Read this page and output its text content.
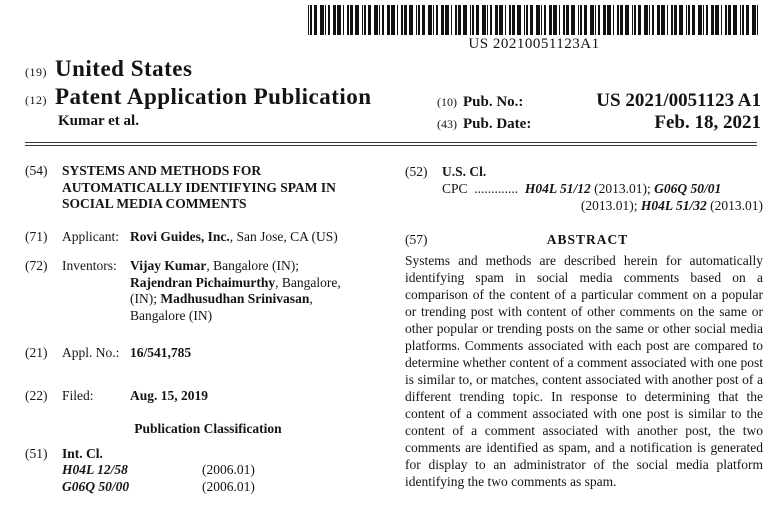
US 20210051123A1
(19) United States
(12) Patent Application Publication
Kumar et al.
(10) Pub. No.:	US 2021/0051123 A1
(43) Pub. Date:	Feb. 18, 2021
(54)	SYSTEMS AND METHODS FOR AUTOMATICALLY IDENTIFYING SPAM IN SOCIAL MEDIA COMMENTS
(71)	Applicant: Rovi Guides, Inc., San Jose, CA (US)
(72)	Inventors: Vijay Kumar, Bangalore (IN);
Rajendran Pichaimurthy, Bangalore,
(IN); Madhusudhan Srinivasan,
Bangalore (IN)
(21)	Appl. No.: 16/541,785
(22)	Filed:	Aug. 15, 2019
Publication Classification
(51)	Int. Cl.
H04L 12/58	(2006.01)
G06Q 50/00	(2006.01)
(52)	U.S. Cl.
CPC ............. H04L 51/12 (2013.01); G06Q 50/01
(2013.01); H04L 51/32 (2013.01)
(57)	ABSTRACT

Systems and methods are described herein for automatically identifying spam in social media comments based on a comparison of the content of a particular comment on a popular or trending post with content of other comments on the same or other popular or trending posts on the same or other social media platforms. Comments associated with each post are compared to determine whether content of a comment associated with one post is similar to, or matches, content associated with another post of a different trending topic. In response to determining that the content of a comment associated with one post is similar to the content of a comment associated with another post, the two comments are identified as spam, and a notification is generated for display to an administrator of the social media platform identifying the two comments as spam.
